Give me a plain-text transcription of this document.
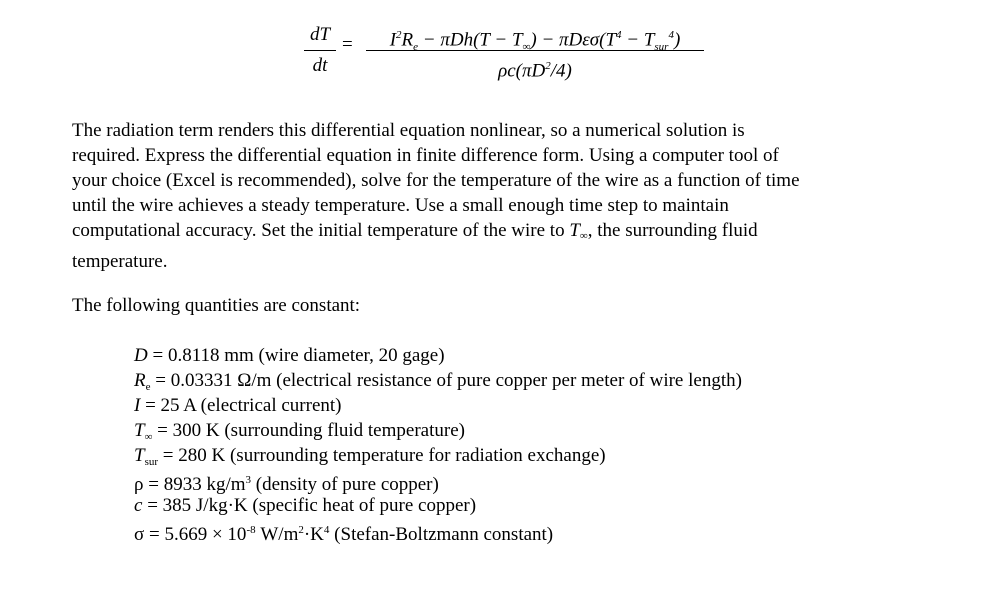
dT
dt
=	$I^2R_e - \pi Dh(T - T_\infty) - \pi D\varepsilon\sigma(T^4 - T_{sur}^4)$
$\rho c(\pi D^2/4)$
The radiation term renders this differential equation nonlinear, so a numerical solution is
required. Express the differential equation in finite difference form. Using a computer tool of
your choice (Excel is recommended), solve for the temperature of the wire as a function of time
until the wire achieves a steady temperature. Use a small enough time step to maintain
computational accuracy. Set the initial temperature of the wire to T∞, the surrounding fluid
temperature.

The following quantities are constant:

D = 0.8118 mm (wire diameter, 20 gage)
$R_e = 0.03331$ Ω/m (electrical resistance of pure copper per meter of wire length)
I = 25 A (electrical current)
$T_\infty = 300$ K (surrounding fluid temperature)
$T_{sur} = 280$ K (surrounding temperature for radiation exchange)
ρ = 8933 $kg/m^3$ (density of pure copper)
c = 385 J/kg·K (specific heat of pure copper)
$\sigma = 5.669 \times 10^{-8}$ $W/m^2\cdot K^4$ (Stefan-Boltzmann constant)
